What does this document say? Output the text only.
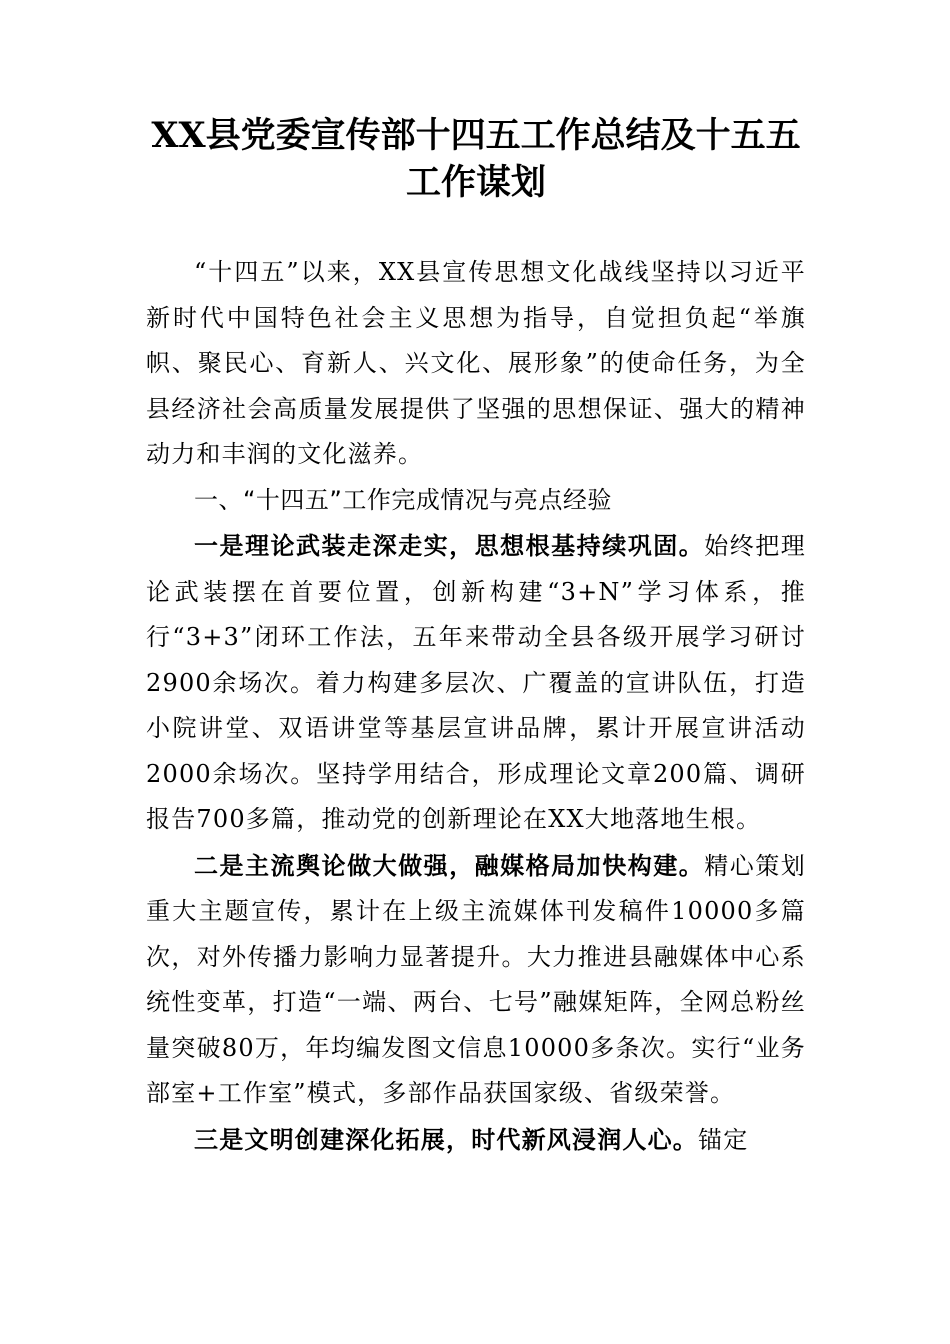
XX县党委宣传部十四五工作总结及十五五
工作谋划

“十四五”以来，XX县宣传思想文化战线坚持以习近平新时代中国特色社会主义思想为指导，自觉担负起“举旗帜、聚民心、育新人、兴文化、展形象”的使命任务，为全县经济社会高质量发展提供了坚强的思想保证、强大的精神动力和丰润的文化滋养。

一、“十四五”工作完成情况与亮点经验

一是理论武装走深走实，思想根基持续巩固。始终把理论武装摆在首要位置，创新构建“3+N”学习体系，推行“3+3”闭环工作法，五年来带动全县各级开展学习研讨2900余场次。着力构建多层次、广覆盖的宣讲队伍，打造小院讲堂、双语讲堂等基层宣讲品牌，累计开展宣讲活动2000余场次。坚持学用结合，形成理论文章200篇、调研报告700多篇，推动党的创新理论在XX大地落地生根。

二是主流舆论做大做强，融媒格局加快构建。精心策划重大主题宣传，累计在上级主流媒体刊发稿件10000多篇次，对外传播力影响力显著提升。大力推进县融媒体中心系统性变革，打造“一端、两台、七号”融媒矩阵，全网总粉丝量突破80万，年均编发图文信息10000多条次。实行“业务部室+工作室”模式，多部作品获国家级、省级荣誉。

三是文明创建深化拓展，时代新风浸润人心。锚定
